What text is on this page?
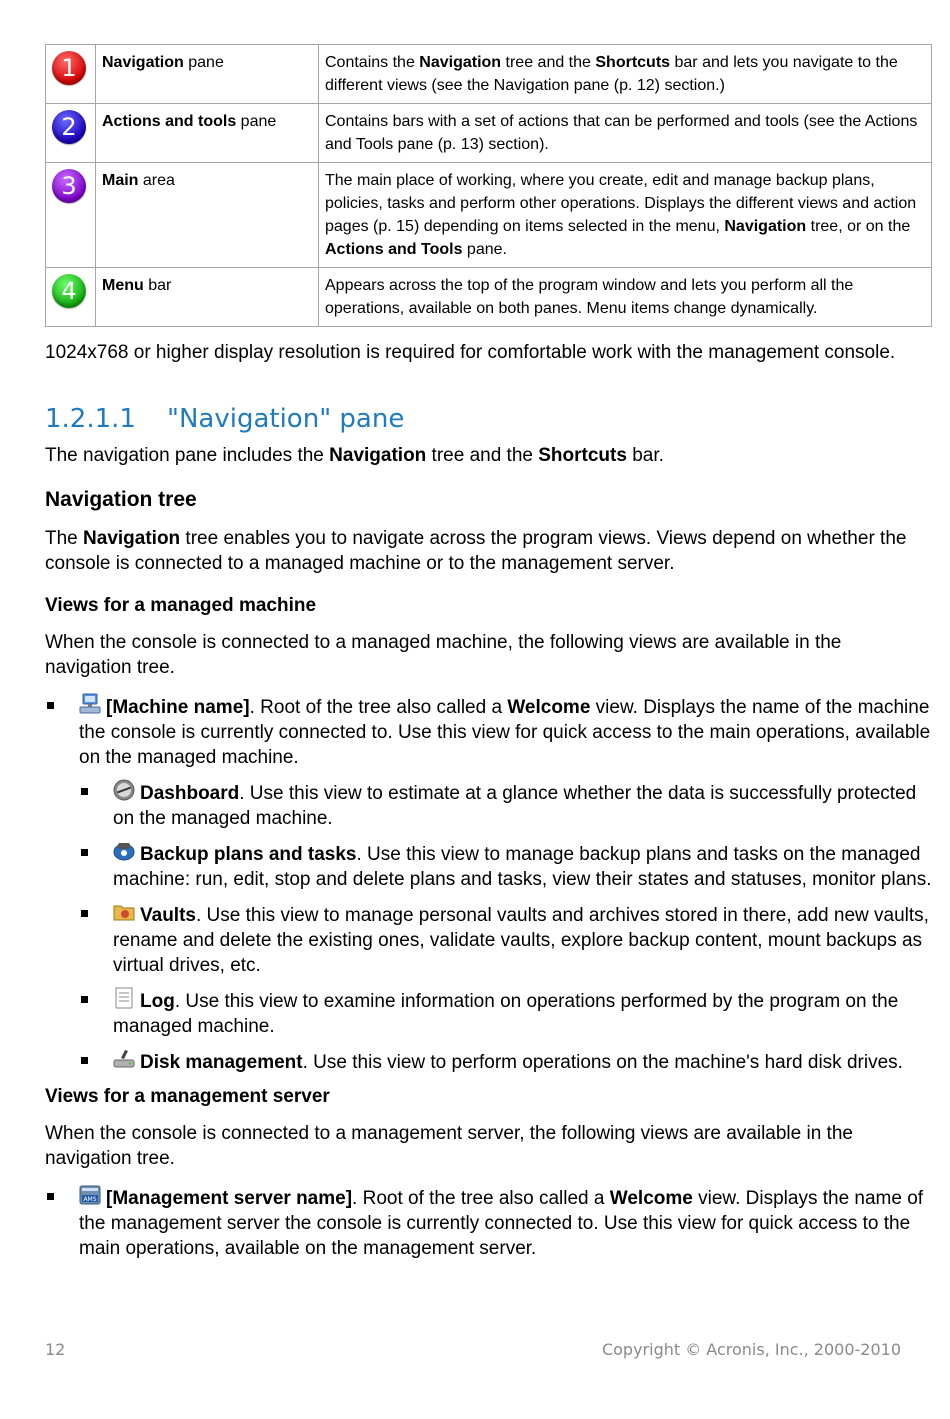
1	Navigation pane	Contains the Navigation tree and the Shortcuts bar and lets you navigate to the different views (see the Navigation pane (p. 12) section.)

2	Actions and tools pane	Contains bars with a set of actions that can be performed and tools (see the Actions and Tools pane (p. 13) section).

3	Main area	The main place of working, where you create, edit and manage backup plans, policies, tasks and perform other operations. Displays the different views and action pages (p. 15) depending on items selected in the menu, Navigation tree, or on the Actions and Tools pane.

4	Menu bar	Appears across the top of the program window and lets you perform all the operations, available on both panes. Menu items change dynamically.

1024x768 or higher display resolution is required for comfortable work with the management console.

1.2.1.1 "Navigation" pane

The navigation pane includes the Navigation tree and the Shortcuts bar.

Navigation tree

The Navigation tree enables you to navigate across the program views. Views depend on whether the console is connected to a managed machine or to the management server.

Views for a managed machine

When the console is connected to a managed machine, the following views are available in the navigation tree.

[Machine name]. Root of the tree also called a Welcome view. Displays the name of the machine the console is currently connected to. Use this view for quick access to the main operations, available on the managed machine.
Dashboard. Use this view to estimate at a glance whether the data is successfully protected on the managed machine.
Backup plans and tasks. Use this view to manage backup plans and tasks on the managed machine: run, edit, stop and delete plans and tasks, view their states and statuses, monitor plans.
Vaults. Use this view to manage personal vaults and archives stored in there, add new vaults, rename and delete the existing ones, validate vaults, explore backup content, mount backups as virtual drives, etc.
Log. Use this view to examine information on operations performed by the program on the managed machine.
Disk management. Use this view to perform operations on the machine's hard disk drives.
Views for a management server

When the console is connected to a management server, the following views are available in the navigation tree.

AMS [Management server name]. Root of the tree also called a Welcome view. Displays the name of the management server the console is currently connected to. Use this view for quick access to the main operations, available on the management server.
12	Copyright © Acronis, Inc., 2000-2010
